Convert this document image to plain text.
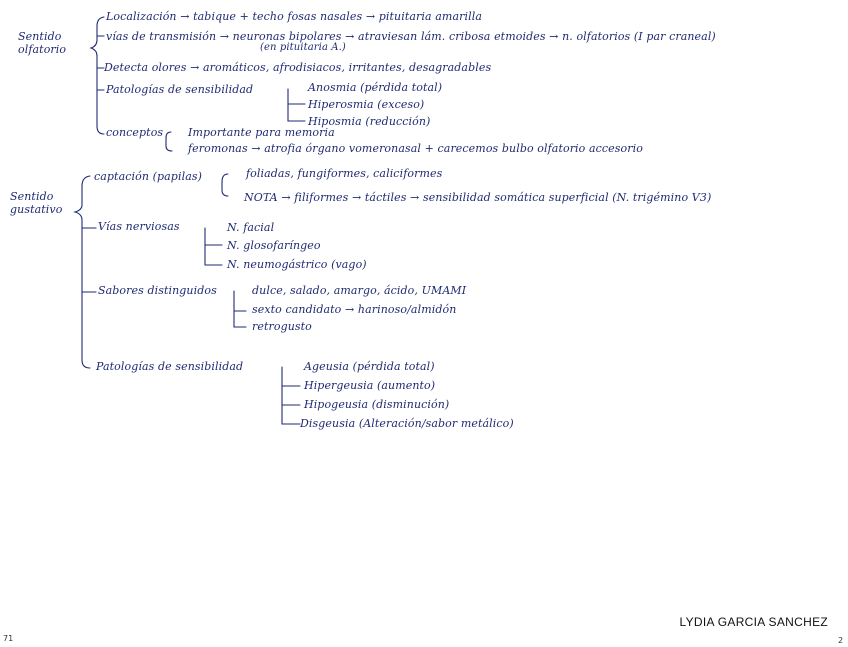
Sentido olfatorio
Localización → tabique + techo fosas nasales → pituitaria amarilla
vías de transmisión → neuronas bipolares → atraviesan lám. cribosa etmoides → n. olfatorios (I par craneal)
(en pituitaria A.)
Detecta olores → aromáticos, afrodisiacos, irritantes, desagradables
Patologías de sensibilidad	Anosmia (pérdida total)
Hiperosmia (exceso)
Hiposmia (reducción)
conceptos Importante para memoria
feromonas → atrofia órgano vomeronasal + carecemos bulbo olfatorio accesorio
Sentido gustativo
captación (papilas)	foliadas, fungiformes, caliciformes
NOTA → filiformes → táctiles → sensibilidad somática superficial (N. trigémino V3)
Vías nerviosas	N. facial
N. glosofaríngeo
N. neumogástrico (vago)
Sabores distinguidos	dulce, salado, amargo, ácido, UMAMI
sexto candidato → harinoso/almidón
retrogusto
Patologías de sensibilidad	Ageusia (pérdida total)
Hipergeusia (aumento)
Hipogeusia (disminución)
Disgeusia (Alteración/sabor metálico)
LYDIA GARCIA SANCHEZ
71	2
